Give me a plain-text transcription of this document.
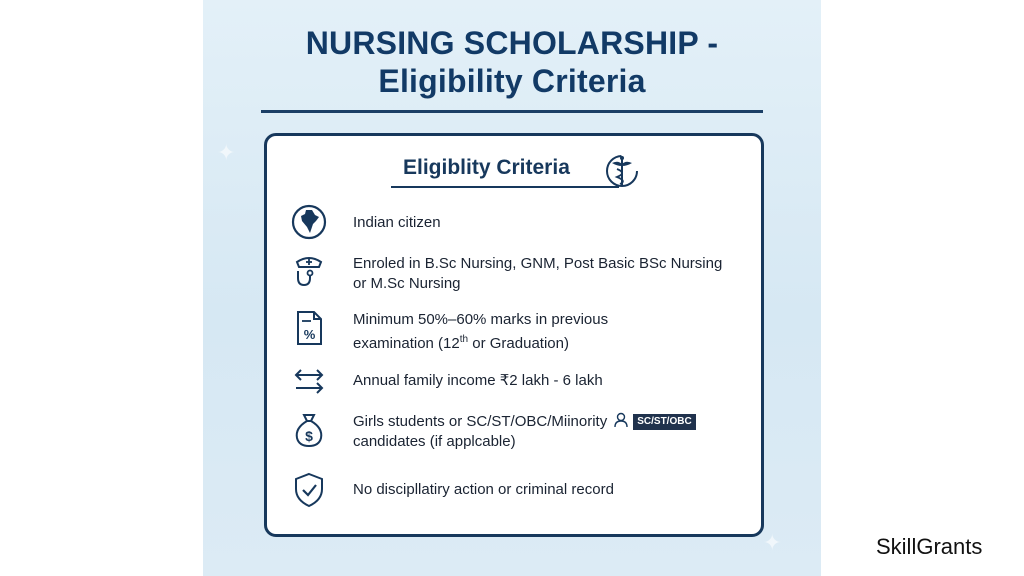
✦
✦
NURSING SCHOLARSHIP -
Eligibility Criteria
Eligiblity Criteria
Indian citizen
Enroled in B.Sc Nursing, GNM, Post Basic BSc Nursing
or M.Sc Nursing
%
Minimum 50%–60% marks in previous
examination (12th or Graduation)
Annual family income ₹2 lakh - 6 lakh
$
Girls students or SC/ST/OBC/Miinority	SC/ST/OBC
candidates (if applcable)
No discipllatiry action or criminal record
SkillGrants
